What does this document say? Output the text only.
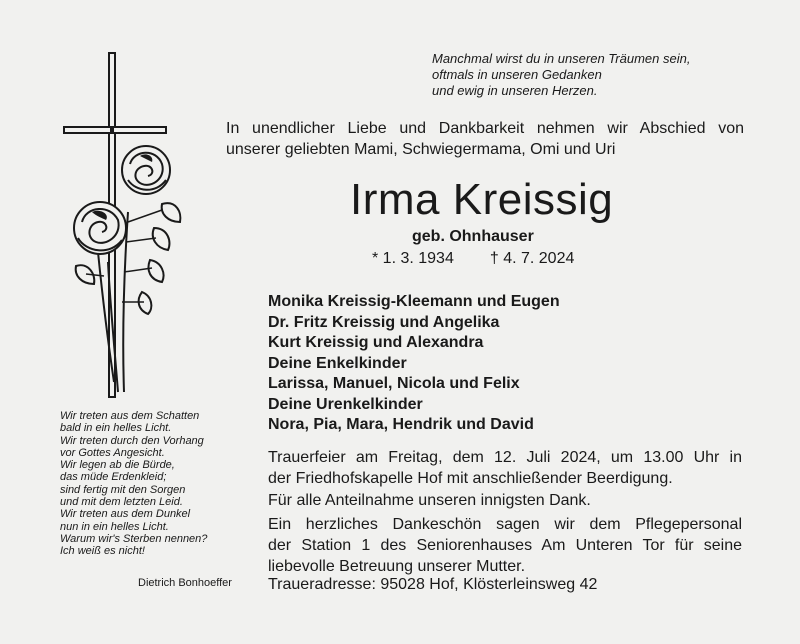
Manchmal wirst du in unseren Träumen sein,
oftmals in unseren Gedanken
und ewig in unseren Herzen.
In unendlicher Liebe und Dankbarkeit nehmen wir Abschied von
unserer geliebten Mami, Schwiegermama, Omi und Uri
Irma Kreissig
geb. Ohnhauser
* 1. 3. 1934 † 4. 7. 2024
Monika Kreissig-Kleemann und Eugen
Dr. Fritz Kreissig und Angelika
Kurt Kreissig und Alexandra
Deine Enkelkinder
Larissa, Manuel, Nicola und Felix
Deine Urenkelkinder
Nora, Pia, Mara, Hendrik und David
Wir treten aus dem Schatten
bald in ein helles Licht.
Wir treten durch den Vorhang
vor Gottes Angesicht.
Wir legen ab die Bürde,
das müde Erdenkleid;
sind fertig mit den Sorgen
und mit dem letzten Leid.
Wir treten aus dem Dunkel
nun in ein helles Licht.
Warum wir's Sterben nennen?
Ich weiß es nicht!
Dietrich Bonhoeffer
Trauerfeier am Freitag, dem 12. Juli 2024, um 13.00 Uhr in
der Friedhofskapelle Hof mit anschließender Beerdigung.
Für alle Anteilnahme unseren innigsten Dank.
Ein herzliches Dankeschön sagen wir dem Pflegepersonal
der Station 1 des Seniorenhauses Am Unteren Tor für seine
liebevolle Betreuung unserer Mutter.
Traueradresse: 95028 Hof, Klösterleinsweg 42
